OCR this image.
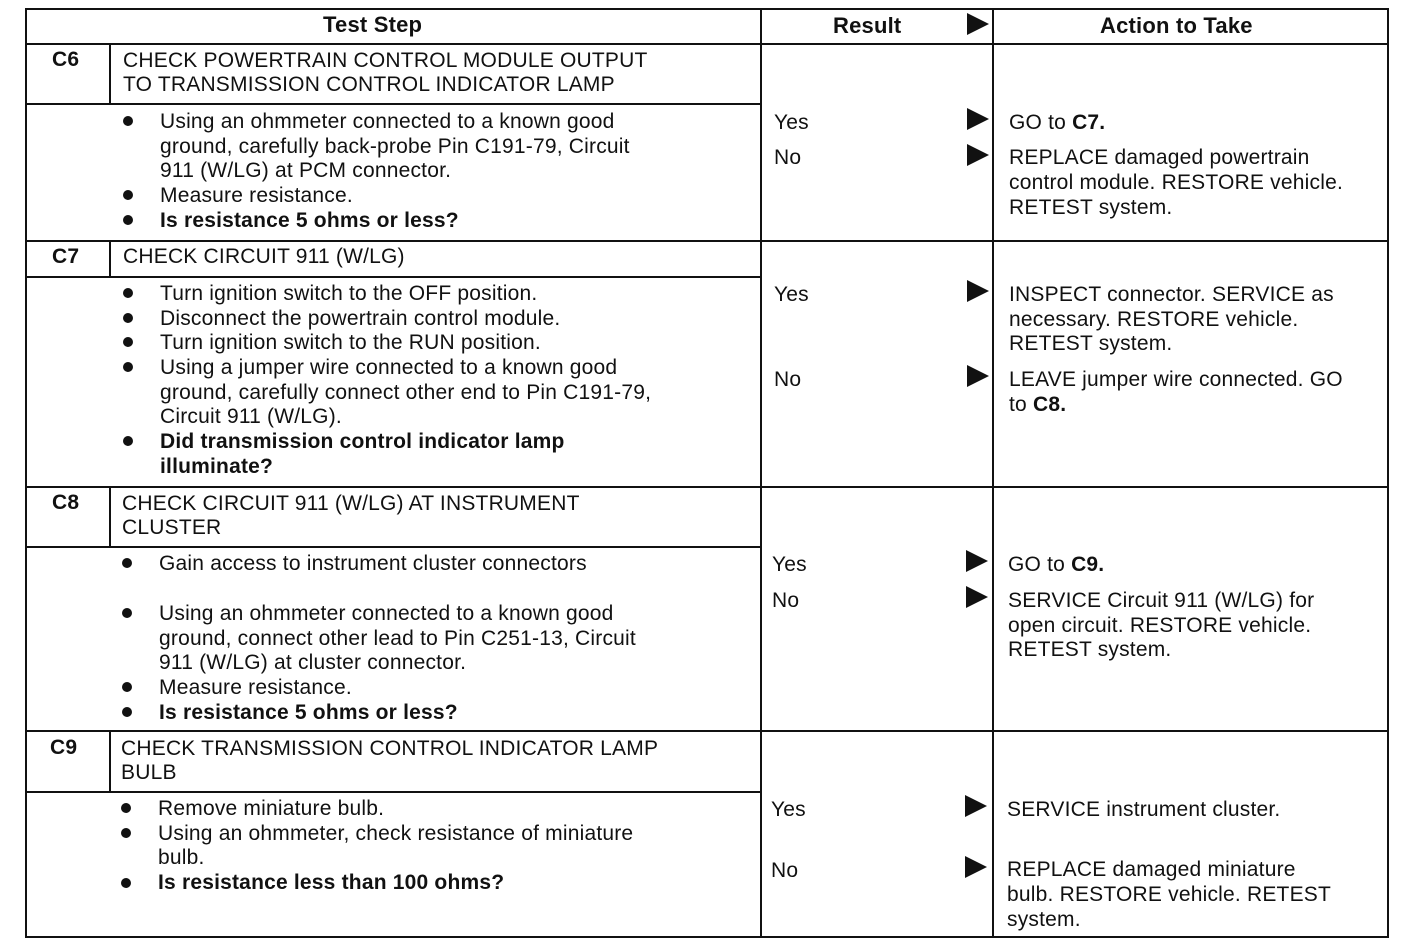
Test Step	Result	Action to Take
C6 CHECK POWERTRAIN CONTROL MODULE OUTPUT
TO TRANSMISSION CONTROL INDICATOR LAMP
Using an ohmmeter connected to a known good
ground, carefully back-probe Pin C191-79, Circuit
911 (W/LG) at PCM connector.
Measure resistance.
Is resistance 5 ohms or less?
Yes
No
GO to C7.
REPLACE damaged powertrain
control module. RESTORE vehicle.
RETEST system.
C7 CHECK CIRCUIT 911 (W/LG)
Turn ignition switch to the OFF position.
Disconnect the powertrain control module.
Turn ignition switch to the RUN position.
Using a jumper wire connected to a known good
ground, carefully connect other end to Pin C191-79,
Circuit 911 (W/LG).
Did transmission control indicator lamp
illuminate?
Yes
No
INSPECT connector. SERVICE as
necessary. RESTORE vehicle.
RETEST system.
LEAVE jumper wire connected. GO
to C8.
C8 CHECK CIRCUIT 911 (W/LG) AT INSTRUMENT
CLUSTER
Gain access to instrument cluster connectors
Using an ohmmeter connected to a known good
ground, connect other lead to Pin C251-13, Circuit
911 (W/LG) at cluster connector.
Measure resistance.
Is resistance 5 ohms or less?
Yes
No
GO to C9.
SERVICE Circuit 911 (W/LG) for
open circuit. RESTORE vehicle.
RETEST system.
C9 CHECK TRANSMISSION CONTROL INDICATOR LAMP
BULB
Remove miniature bulb.
Using an ohmmeter, check resistance of miniature
bulb.
Is resistance less than 100 ohms?
Yes
No
SERVICE instrument cluster.
REPLACE damaged miniature
bulb. RESTORE vehicle. RETEST
system.
